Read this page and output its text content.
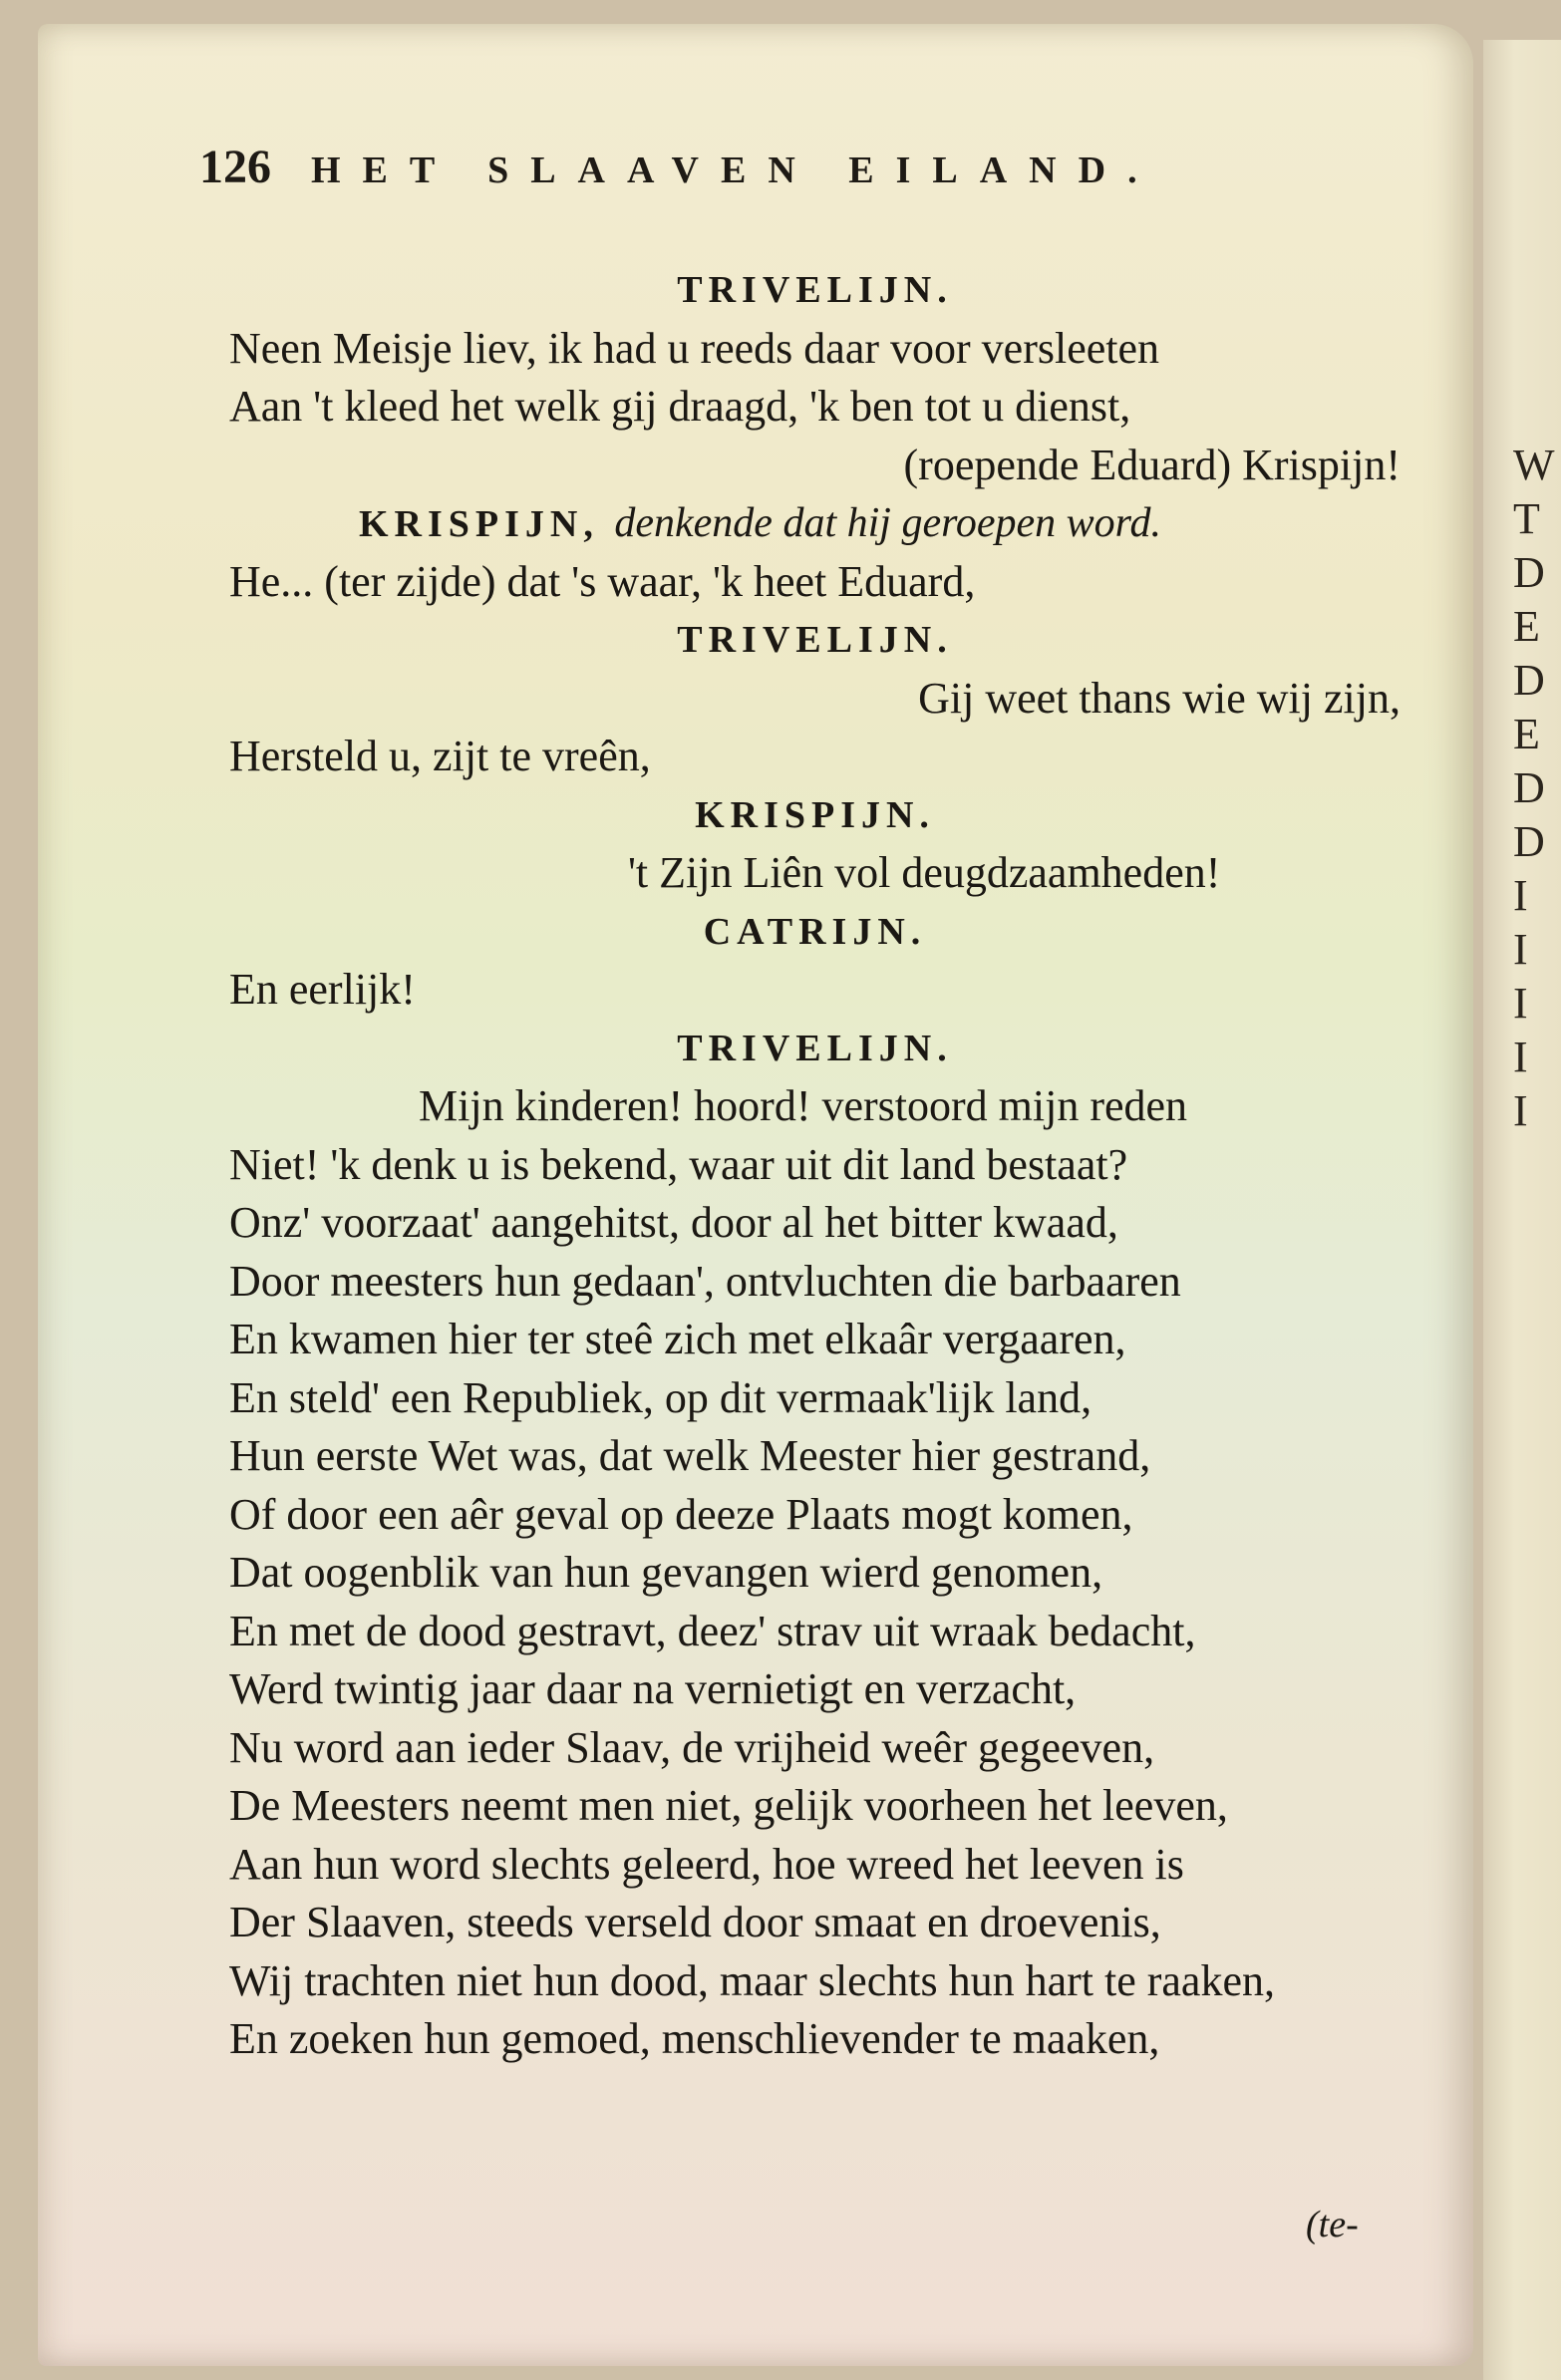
W
T
D
E
D
E
D
D
I
I
I
I
I
126 HET SLAAVEN EILAND.
TRIVELIJN.
Neen Meisje liev, ik had u reeds daar voor versleeten
Aan 't kleed het welk gij draagd, 'k ben tot u dienst,
(roepende Eduard) Krispijn!
KRISPIJN, denkende dat hij geroepen word.
He... (ter zijde) dat 's waar, 'k heet Eduard,
TRIVELIJN.
Gij weet thans wie wij zijn,
Hersteld u, zijt te vreên,
KRISPIJN.
't Zijn Liên vol deugdzaamheden!
CATRIJN.
En eerlijk!
TRIVELIJN.
Mijn kinderen! hoord! verstoord mijn reden
Niet! 'k denk u is bekend, waar uit dit land bestaat?
Onz' voorzaat' aangehitst, door al het bitter kwaad,
Door meesters hun gedaan', ontvluchten die barbaaren
En kwamen hier ter steê zich met elkaâr vergaaren,
En steld' een Republiek, op dit vermaak'lijk land,
Hun eerste Wet was, dat welk Meester hier gestrand,
Of door een aêr geval op deeze Plaats mogt komen,
Dat oogenblik van hun gevangen wierd genomen,
En met de dood gestravt, deez' strav uit wraak bedacht,
Werd twintig jaar daar na vernietigt en verzacht,
Nu word aan ieder Slaav, de vrijheid weêr gegeeven,
De Meesters neemt men niet, gelijk voorheen het leeven,
Aan hun word slechts geleerd, hoe wreed het leeven is
Der Slaaven, steeds verseld door smaat en droevenis,
Wij trachten niet hun dood, maar slechts hun hart te raaken,
En zoeken hun gemoed, menschlievender te maaken,
(te-
